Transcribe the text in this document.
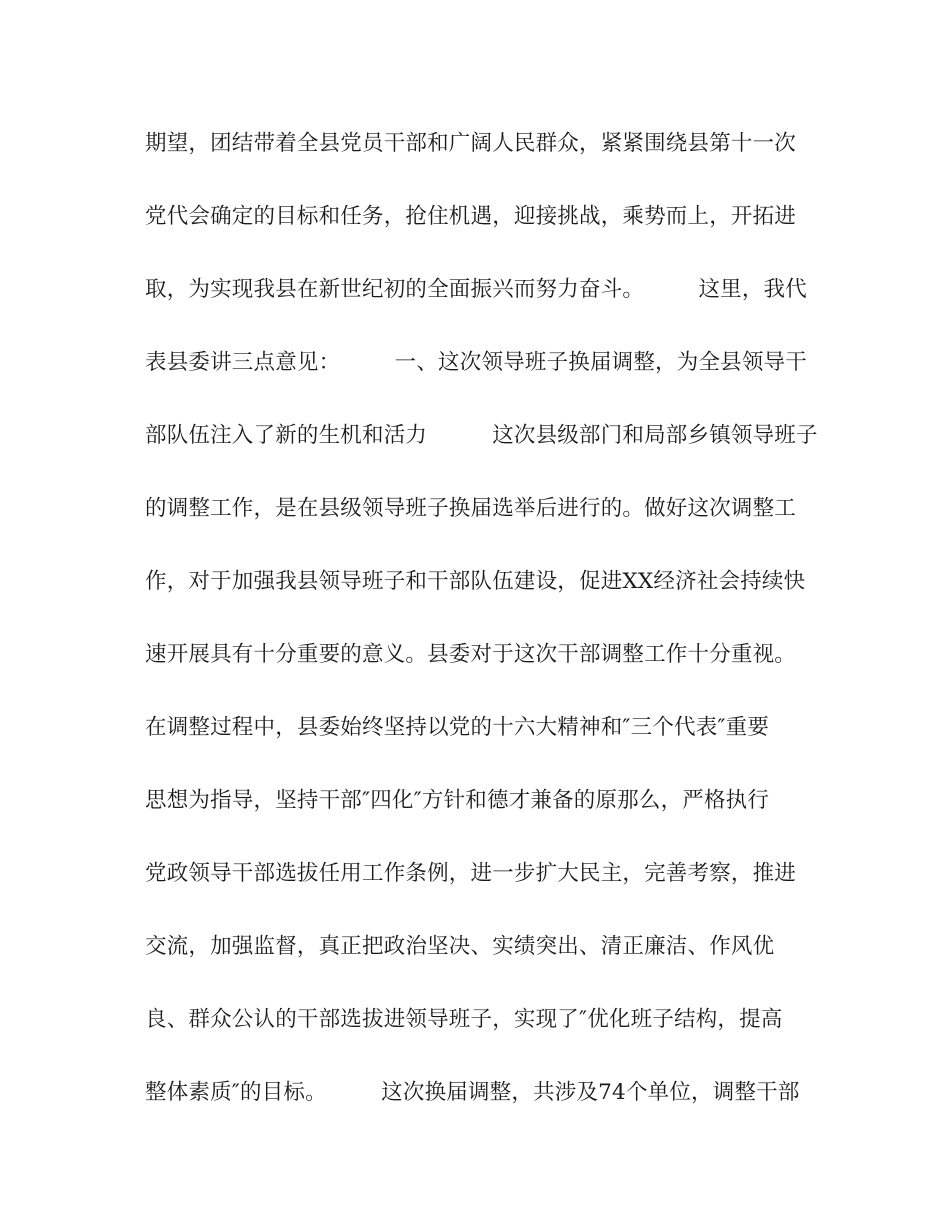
期望，团结带着全县党员干部和广阔人民群众，紧紧围绕县第十一次
党代会确定的目标和任务，抢住机遇，迎接挑战，乘势而上，开拓进
取，为实现我县在新世纪初的全面振兴而努力奋斗。　　　这里，我代
表县委讲三点意见：　　　一、这次领导班子换届调整，为全县领导干
部队伍注入了新的生机和活力　　　这次县级部门和局部乡镇领导班子
的调整工作，是在县级领导班子换届选举后进行的。做好这次调整工
作，对于加强我县领导班子和干部队伍建设，促进XX经济社会持续快
速开展具有十分重要的意义。县委对于这次干部调整工作十分重视。
在调整过程中，县委始终坚持以党的十六大精神和″三个代表″重要
思想为指导，坚持干部″四化″方针和德才兼备的原那么，严格执行
党政领导干部选拔任用工作条例，进一步扩大民主，完善考察，推进
交流，加强监督，真正把政治坚决、实绩突出、清正廉洁、作风优
良、群众公认的干部选拔进领导班子，实现了″优化班子结构，提高
整体素质″的目标。　　　这次换届调整，共涉及74个单位，调整干部
